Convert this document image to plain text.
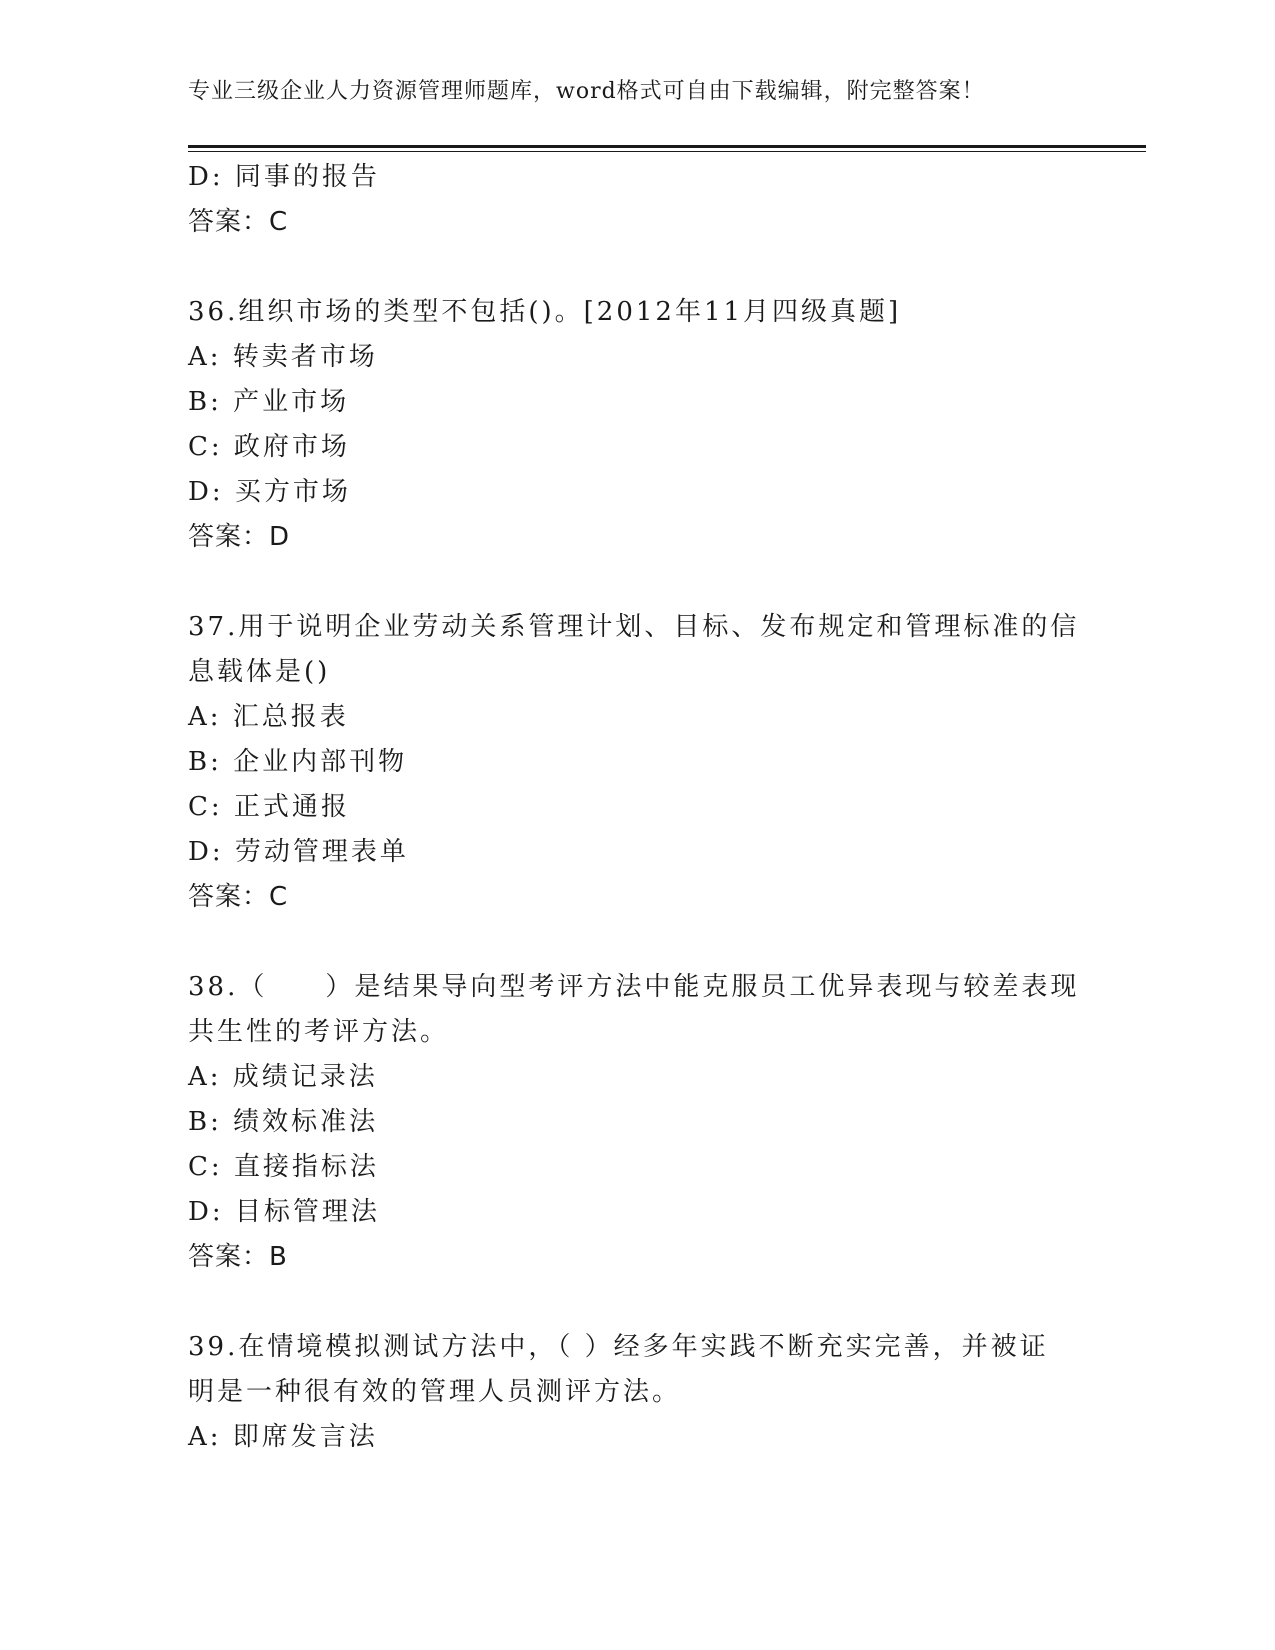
专业三级企业人力资源管理师题库，word格式可自由下载编辑，附完整答案！
D: 同事的报告
答案：C
36.组织市场的类型不包括()。[2012年11月四级真题]
A: 转卖者市场
B: 产业市场
C: 政府市场
D: 买方市场
答案：D
37.用于说明企业劳动关系管理计划、目标、发布规定和管理标准的信
息载体是()
A: 汇总报表
B: 企业内部刊物
C: 正式通报
D: 劳动管理表单
答案：C
38.（　　）是结果导向型考评方法中能克服员工优异表现与较差表现
共生性的考评方法。
A: 成绩记录法
B: 绩效标准法
C: 直接指标法
D: 目标管理法
答案：B
39.在情境模拟测试方法中，（ ）经多年实践不断充实完善，并被证
明是一种很有效的管理人员测评方法。
A: 即席发言法
